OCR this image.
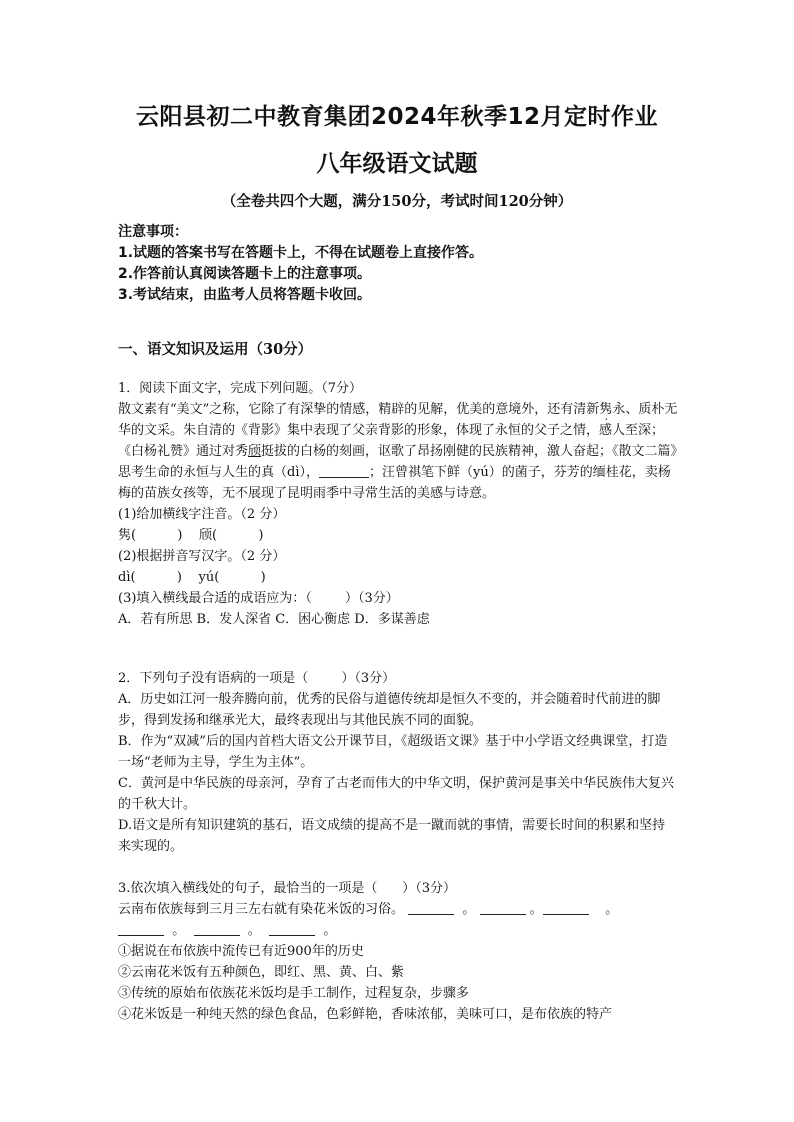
云阳县初二中教育集团2024年秋季12月定时作业
八年级语文试题
（全卷共四个大题，满分150分，考试时间120分钟）
注意事项：
1.试题的答案书写在答题卡上，不得在试题卷上直接作答。
2.作答前认真阅读答题卡上的注意事项。
3.考试结束，由监考人员将答题卡收回。
一、语文知识及运用（30分）

1．阅读下面文字，完成下列问题。（7分）

散文素有“美文”之称，它除了有深挚的情感，精辟的见解，优美的意境外，还有清新隽永、质朴无华的文采。朱自清的《背影》集中表现了父亲背影的形象，体现了永恒的父子之情，感人至深；《白杨礼赞》通过对秀颀挺拔的白杨的刻画，讴歌了昂扬刚健的民族精神，激人奋起；《散文二篇》思考生命的永恒与人生的真（dì），	；汪曾祺笔下鲜（yú）的菌子，芬芳的缅桂花，卖杨梅的苗族女孩等，无不展现了昆明雨季中寻常生活的美感与诗意。

(1)给加横线字注音。（2 分）

隽(          )    颀(          )

(2)根据拼音写汉字。（2 分）

dì(          )    yú(          )

(3)填入横线最合适的成语应为：（        ）（3分）

A．若有所思 B．发人深省 C．困心衡虑 D．多谋善虑

2．下列句子没有语病的一项是（        ）（3分）

A．历史如江河一般奔腾向前，优秀的民俗与道德传统却是恒久不变的，并会随着时代前进的脚步，得到发扬和继承光大，最终表现出与其他民族不同的面貌。

B．作为“双减”后的国内首档大语文公开课节目，《超级语文课》基于中小学语文经典课堂，打造一场“老师为主导，学生为主体”。

C．黄河是中华民族的母亲河，孕育了古老而伟大的中华文明，保护黄河是事关中华民族伟大复兴的千秋大计。

D.语文是所有知识建筑的基石，语文成绩的提高不是一蹴而就的事情，需要长时间的积累和坚持来实现的。

3.依次填入横线处的句子，最恰当的一项是（      ）（3分）

云南布依族每到三月三左右就有染花米饭的习俗。	。	。	。
。	。	。

①据说在布依族中流传已有近900年的历史

②云南花米饭有五种颜色，即红、黑、黄、白、紫

③传统的原始布依族花米饭均是手工制作，过程复杂，步骤多

④花米饭是一种纯天然的绿色食品，色彩鲜艳，香味浓郁，美味可口，是布依族的特产
